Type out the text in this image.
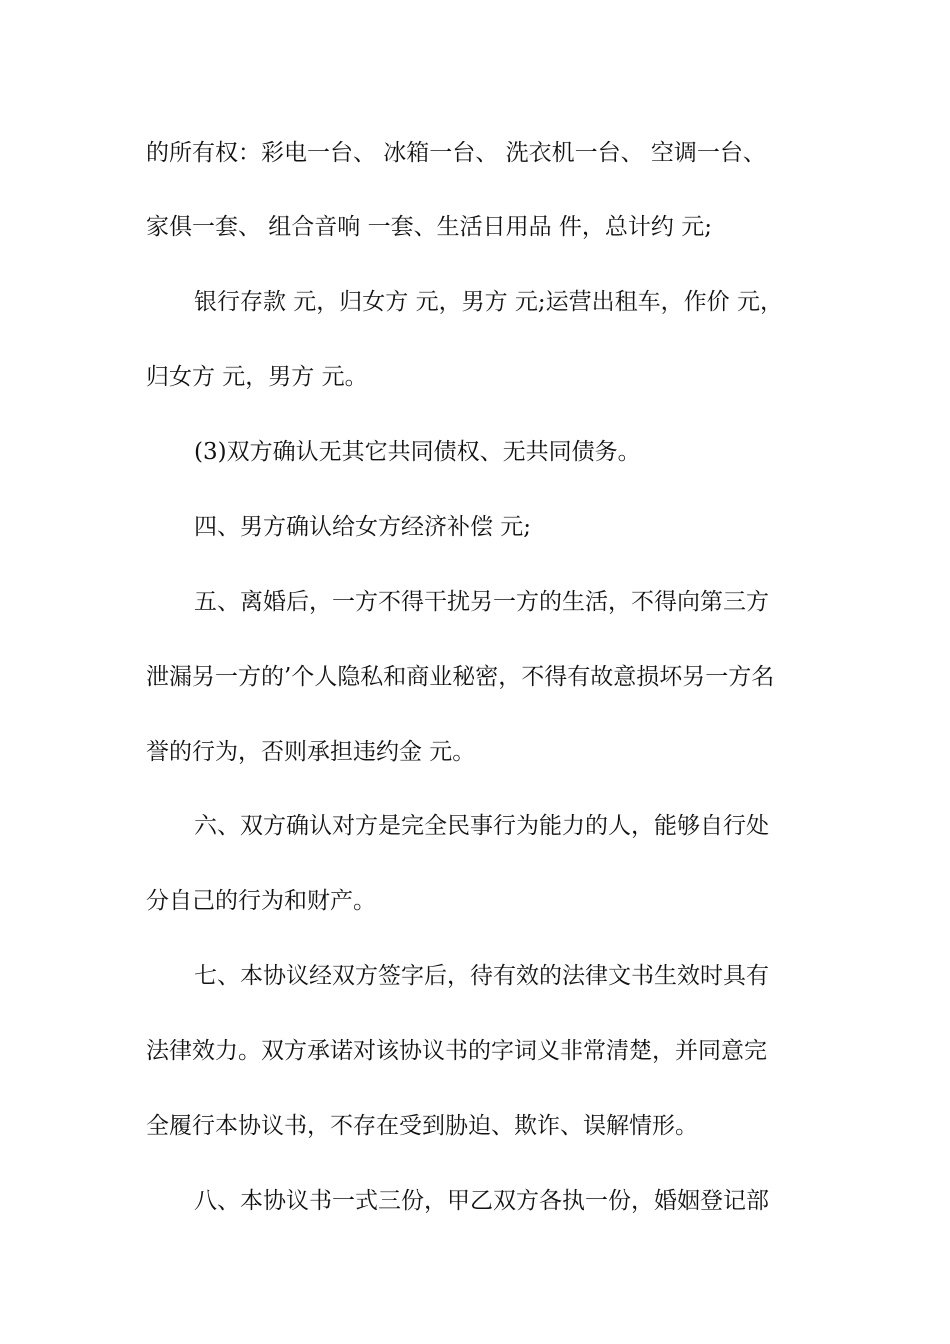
的所有权：彩电一台、 冰箱一台、 洗衣机一台、 空调一台、
家俱一套、 组合音响 一套、生活日用品 件，总计约 元;
银行存款 元，归女方 元，男方 元;运营出租车，作价 元，
归女方 元，男方 元。
(3)双方确认无其它共同债权、无共同债务。
四、男方确认给女方经济补偿 元;
五、离婚后，一方不得干扰另一方的生活，不得向第三方
泄漏另一方的’个人隐私和商业秘密，不得有故意损坏另一方名
誉的行为，否则承担违约金 元。
六、双方确认对方是完全民事行为能力的人，能够自行处
分自己的行为和财产。
七、本协议经双方签字后，待有效的法律文书生效时具有
法律效力。双方承诺对该协议书的字词义非常清楚，并同意完
全履行本协议书，不存在受到胁迫、欺诈、误解情形。
八、本协议书一式三份，甲乙双方各执一份，婚姻登记部
